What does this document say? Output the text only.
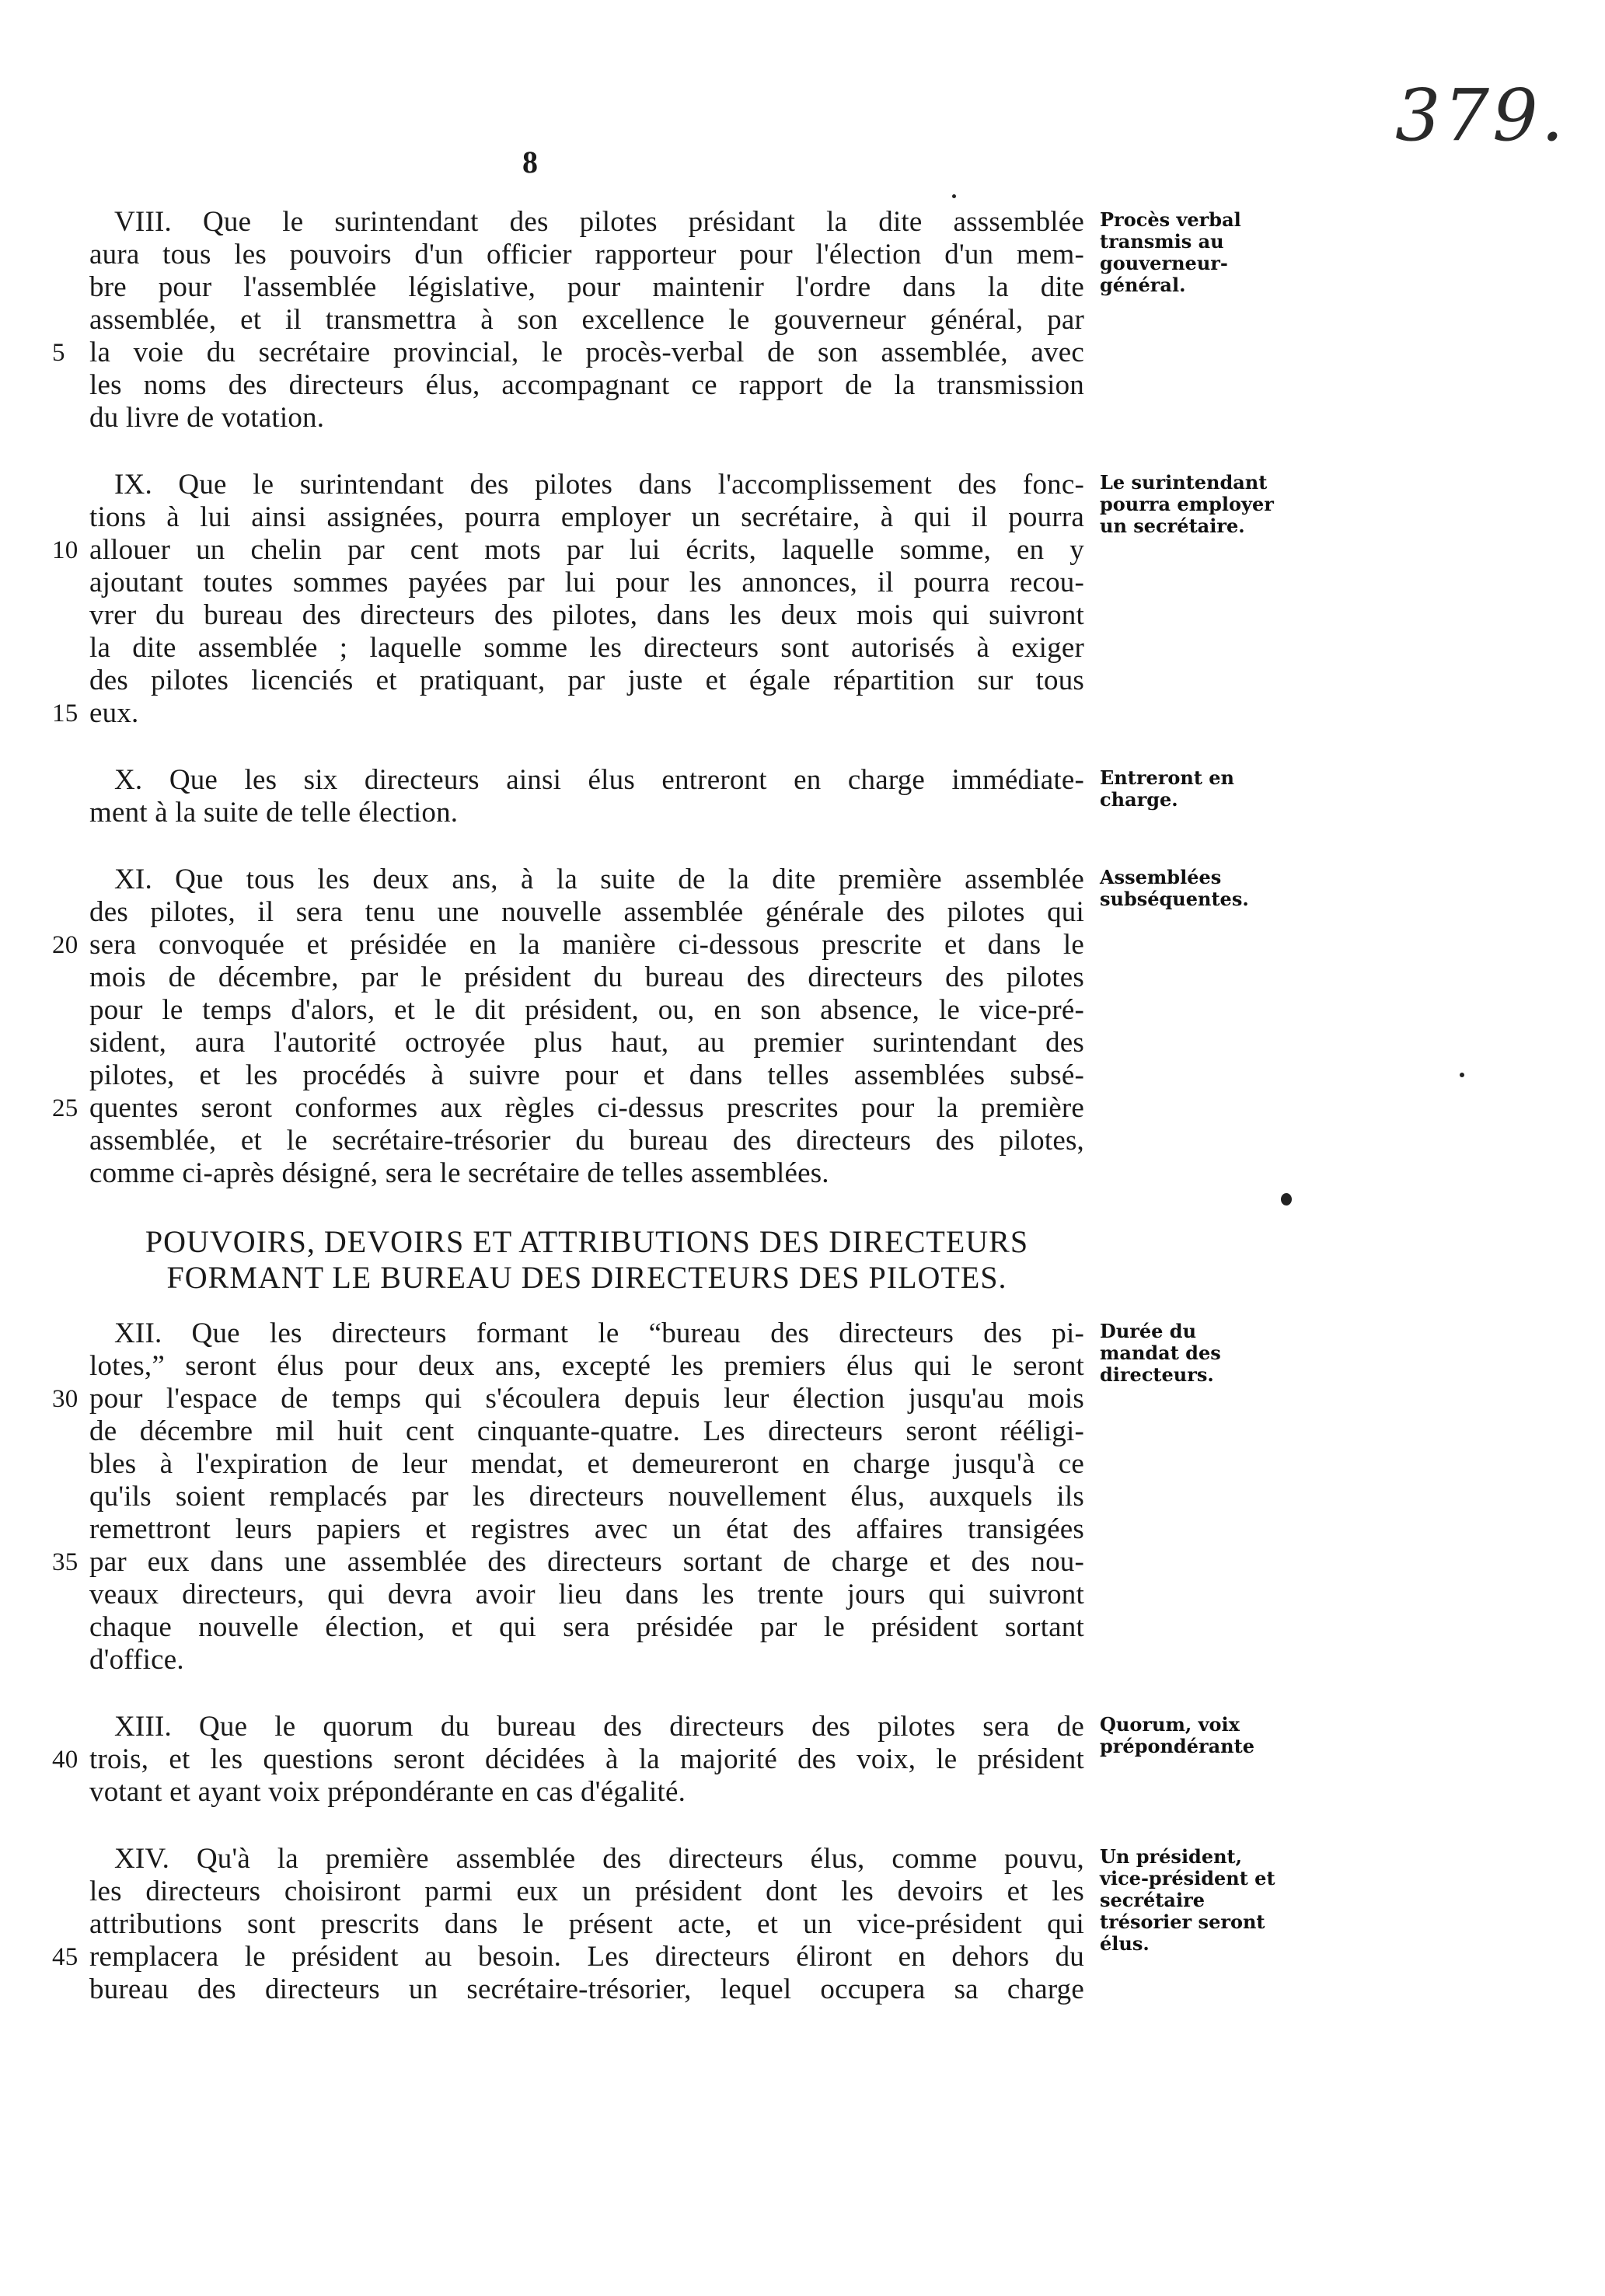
379.
8
Procès verbal transmis au gouverneur-général.
VIII. Que le surintendant des pilotes présidant la dite asssemblée
aura tous les pouvoirs d'un officier rapporteur pour l'élection d'un mem-
bre pour l'assemblée législative, pour maintenir l'ordre dans la dite
assemblée, et il transmettra à son excellence le gouverneur général, par
5 la voie du secrétaire provincial, le procès-verbal de son assemblée, avec
les noms des directeurs élus, accompagnant ce rapport de la transmission
du livre de votation.
Le surintendant pourra employer un secrétaire.
IX. Que le surintendant des pilotes dans l'accomplissement des fonc-
tions à lui ainsi assignées, pourra employer un secrétaire, à qui il pourra
10 allouer un chelin par cent mots par lui écrits, laquelle somme, en y
ajoutant toutes sommes payées par lui pour les annonces, il pourra recou-
vrer du bureau des directeurs des pilotes, dans les deux mois qui suivront
la dite assemblée ; laquelle somme les directeurs sont autorisés à exiger
des pilotes licenciés et pratiquant, par juste et égale répartition sur tous
15 eux.
Entreront en charge.
X. Que les six directeurs ainsi élus entreront en charge immédiate-
ment à la suite de telle élection.
Assemblées subséquentes.
XI. Que tous les deux ans, à la suite de la dite première assemblée
des pilotes, il sera tenu une nouvelle assemblée générale des pilotes qui
20 sera convoquée et présidée en la manière ci-dessous prescrite et dans le
mois de décembre, par le président du bureau des directeurs des pilotes
pour le temps d'alors, et le dit président, ou, en son absence, le vice-pré-
sident, aura l'autorité octroyée plus haut, au premier surintendant des
pilotes, et les procédés à suivre pour et dans telles assemblées subsé-
25 quentes seront conformes aux règles ci-dessus prescrites pour la première
assemblée, et le secrétaire-trésorier du bureau des directeurs des pilotes,
comme ci-après désigné, sera le secrétaire de telles assemblées.
POUVOIRS, DEVOIRS ET ATTRIBUTIONS DES DIRECTEURS
FORMANT LE BUREAU DES DIRECTEURS DES PILOTES.
Durée du mandat des directeurs.
XII. Que les directeurs formant le “bureau des directeurs des pi-
lotes,” seront élus pour deux ans, excepté les premiers élus qui le seront
30 pour l'espace de temps qui s'écoulera depuis leur élection jusqu'au mois
de décembre mil huit cent cinquante-quatre. Les directeurs seront rééligi-
bles à l'expiration de leur mendat, et demeureront en charge jusqu'à ce
qu'ils soient remplacés par les directeurs nouvellement élus, auxquels ils
remettront leurs papiers et registres avec un état des affaires transigées
35 par eux dans une assemblée des directeurs sortant de charge et des nou-
veaux directeurs, qui devra avoir lieu dans les trente jours qui suivront
chaque nouvelle élection, et qui sera présidée par le président sortant
d'office.
Quorum, voix prépondérante
XIII. Que le quorum du bureau des directeurs des pilotes sera de
40 trois, et les questions seront décidées à la majorité des voix, le président
votant et ayant voix prépondérante en cas d'égalité.
Un président, vice-président et secrétaire trésorier seront élus.
XIV. Qu'à la première assemblée des directeurs élus, comme pouvu,
les directeurs choisiront parmi eux un président dont les devoirs et les
attributions sont prescrits dans le présent acte, et un vice-président qui
45 remplacera le président au besoin. Les directeurs éliront en dehors du
bureau des directeurs un secrétaire-trésorier, lequel occupera sa charge
